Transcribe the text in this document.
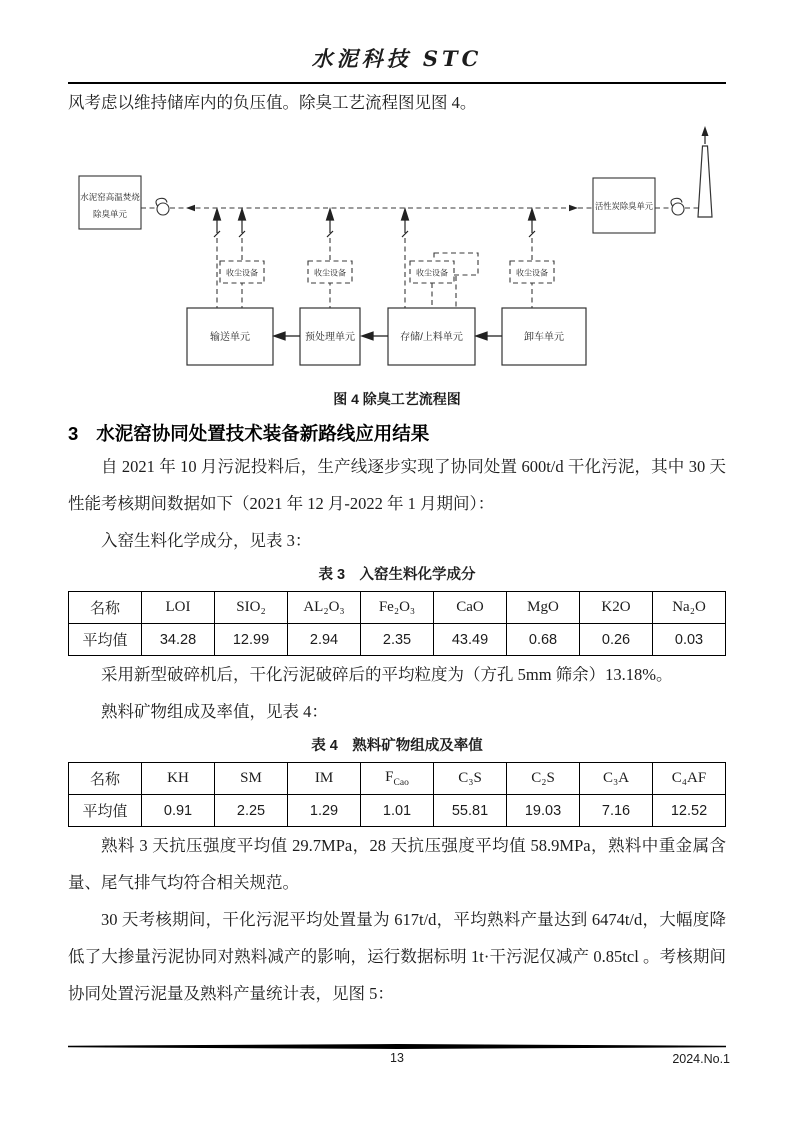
水泥科技 STC
风考虑以维持储库内的负压值。除臭工艺流程图见图 4。
水泥窑高温焚烧
除臭单元
收尘设备	收尘设备	收尘设备	收尘设备
输送单元	预处理单元	存储/上料单元	卸车单元
活性炭除臭单元
图 4 除臭工艺流程图
3 水泥窑协同处置技术装备新路线应用结果

自 2021 年 10 月污泥投料后，生产线逐步实现了协同处置 600t/d 干化污泥，其中 30 天性能考核期间数据如下（2021 年 12 月-2022 年 1 月期间）：

入窑生料化学成分，见表 3：

表 3　入窑生料化学成分
名称	LOI	SIO₂	AL₂O₃	Fe₂O₃	CaO	MgO	K2O	Na₂O
平均值	34.28	12.99	2.94	2.35	43.49	0.68	0.26	0.03

采用新型破碎机后，干化污泥破碎后的平均粒度为（方孔 5mm 筛余）13.18%。

熟料矿物组成及率值，见表 4：

表 4　熟料矿物组成及率值
名称	KH	SM	IM	$F_{Cao}$	C₃S	C₂S	C₃A	C₄AF
平均值	0.91	2.25	1.29	1.01	55.81	19.03	7.16	12.52

熟料 3 天抗压强度平均值 29.7MPa，28 天抗压强度平均值 58.9MPa，熟料中重金属含量、尾气排气均符合相关规范。

30 天考核期间，干化污泥平均处置量为 617t/d，平均熟料产量达到 6474t/d，大幅度降低了大掺量污泥协同对熟料减产的影响，运行数据标明 1t·干污泥仅减产 0.85tcl 。考核期间协同处置污泥量及熟料产量统计表，见图 5：

13	2024.No.1
